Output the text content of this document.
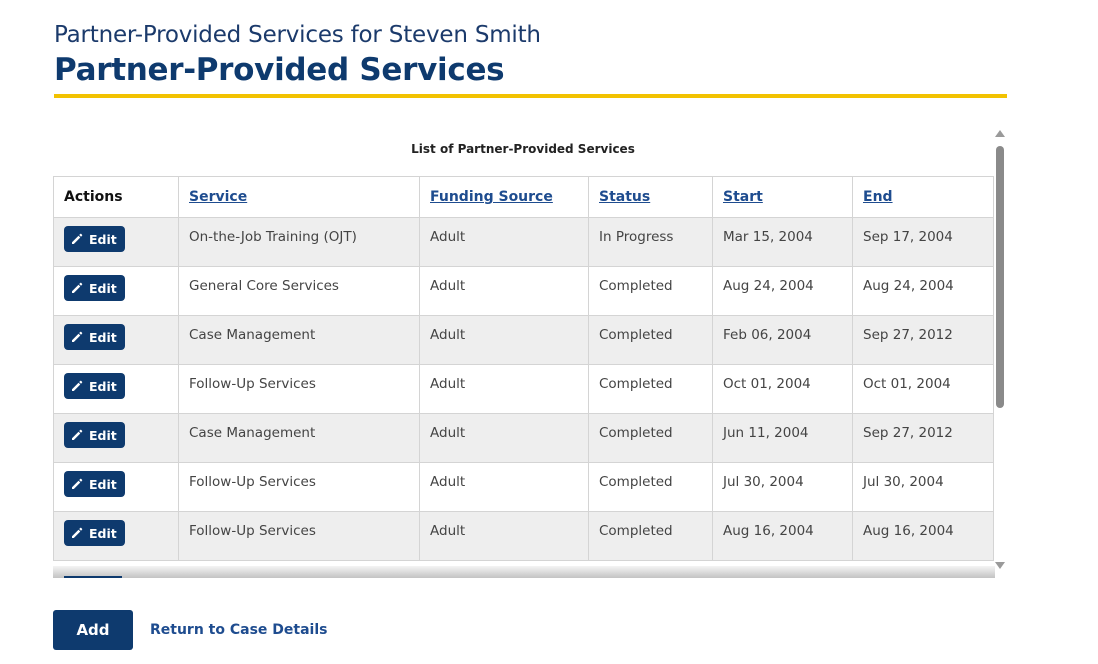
Partner-Provided Services for Steven Smith
Partner-Provided Services
List of Partner-Provided Services
Actions	Service	Funding Source	Status	Start	End

Edit	On-the-Job Training (OJT)	Adult	In Progress	Mar 15, 2004	Sep 17, 2004

Edit	General Core Services	Adult	Completed	Aug 24, 2004	Aug 24, 2004

Edit	Case Management	Adult	Completed	Feb 06, 2004	Sep 27, 2012

Edit	Follow-Up Services	Adult	Completed	Oct 01, 2004	Oct 01, 2004

Edit	Case Management	Adult	Completed	Jun 11, 2004	Sep 27, 2012

Edit	Follow-Up Services	Adult	Completed	Jul 30, 2004	Jul 30, 2004

Edit	Follow-Up Services	Adult	Completed	Aug 16, 2004	Aug 16, 2004
Add	Return to Case Details
